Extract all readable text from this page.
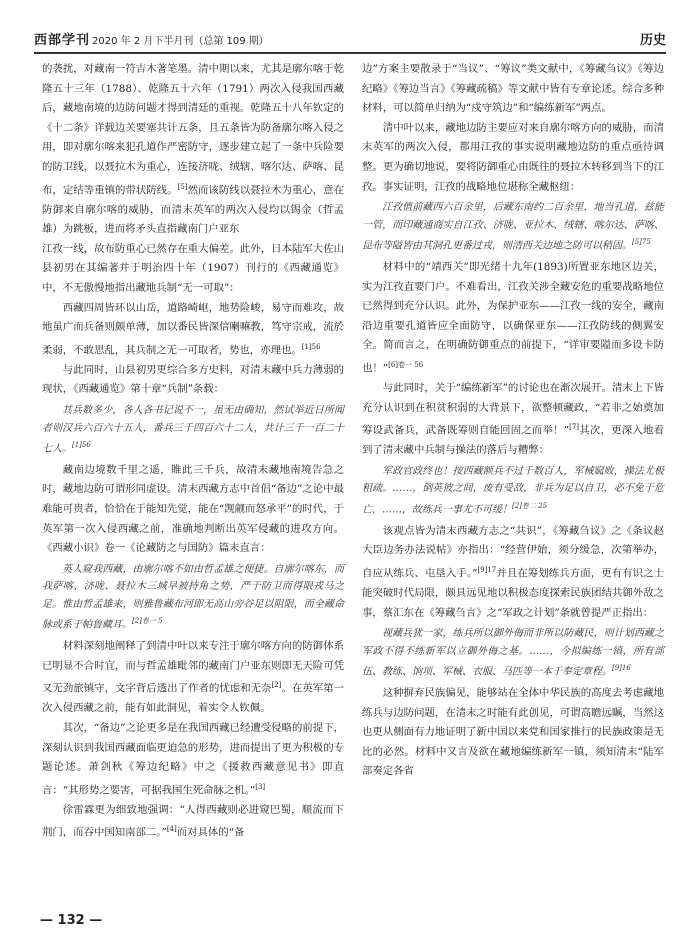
西部学刊 2020 年 2 月下半月刊（总第 109 期）	历史

的袭扰，对藏南一符吉木著笔墨。清中期以来，尤其是廓尔喀于乾隆五十三年（1788）、乾隆五十六年（1791）两次入侵我国西藏后，藏地南境的边防问题才得到清廷的重视。乾隆五十八年钦定的《十二条》详载边关要塞共计五条，且五条皆为防备廓尔喀入侵之用，即对廓尔喀来犯孔道作严密防守，逐步建立起了一条中兵险要的防卫线，以聂拉木为重心，连接济咙、绒辖、喀尔达、萨喀、昆布，定结等重镇的带状防线。[5]然而该防线以聂拉木为重心，意在防御来自廓尔喀的威胁，而清末英军的两次入侵均以锡金（哲孟雄）为跳板，进而将矛头直指藏南门户亚东

江孜一线，故布防重心已然存在重大偏差。此外，日本陆军大佐山县初男在其编著并于明治四十年（1907）刊行的《西藏通览》中，不无傲慢地指出藏地兵制“无一可取”：

西藏四周皆环以山岳，道路崎岖，地势险峻，易守而难攻，故地虽广而兵备则颇单薄，加以番民皆深信喇嘛教，笃守宗戒，流於柔弱，不敢思乱，其兵制之无一可取者，势也，亦理也。$^{[1]56}$

与此同时，山县初男更综合多方史料，对清末藏中兵力薄弱的现状，《西藏通览》第十章“兵制”条载：

其兵数多少，各人各书记说不一，虽无由确知，然试举近日所闻者则汉兵六百六十五人，番兵三千四百六十二人，共计三千一百二十七人。$^{[1]56}$

藏南边境数千里之遥，睢此三千兵，故清末藏地南境告急之时，藏地边防可谓形同虚设。清末西藏方志中首倡“备边”之论中最难能可贵者，恰恰在于能知先觉，能在“觊觎而怒承平”的时代，于英军第一次入侵西藏之前，准确地判断出英军侵藏的进攻方向。《西藏小识》卷一《论藏防之与国防》篇末直言：

英人窥我西藏，由廓尔喀不如由哲孟雄之便捷。自廓尔喀东，而我萨喀、济咙、聂拉木三城早被持角之势，严于防卫而得限戎马之足。惟由哲孟雄来，则雅鲁藏布河即无高山旁谷足以阻限，而全藏命脉或系于帕鲁藏耳。$^{[2]卷一 5}$

材料深刻地阐释了到清中叶以来专注于廓尔喀方向的防御体系已明显不合时宜，而与哲孟雄毗邻的藏南门户亚东则即无天险可凭又无劲旅镇守，文字背后透出了作者的忧虑和无奈[2]。在英军第一次入侵西藏之前，能有如此洞见，着实令人钦佩。

其次，“备边”之论更多是在我国西藏已经遭受侵略的前提下，深刻认识到我国西藏面临更迫急的形势，进而提出了更为积极的专题论述。萧剑秋《筹边纪略》中之《援救西藏意见书》即直言：“其形势之要害，可据我国生死命脉之机。”[3]

徐雷霖更为细致地强调：“人得西藏则必进窥巴蜀，顺流而下荆门，而吞中国知南部二。”[4]而对具体的“备

边”方案主要散录于“当议”、“筹议”类文献中，《筹藏刍议》《筹边纪略》《筹边当言》《筹藏疏稿》等文献中皆有专章论述。综合多种材料，可以简单归纳为“戍守筑边”和“编练新军”两点。

清中叶以来，藏地边防主要应对来自廓尔喀方向的威胁，而清末英军的两次入侵，都用江孜的事实说明藏地边防的重点亟待调整。更为确切地说，要将防御重心由既往的聂拉木转移到当下的江孜。事实证明，江孜的战略地位堪称全藏枢纽：

江孜值前藏西六百余里，后藏东南约二百余里，地当孔道，兹能一管，而印藏通商实自江孜、济咙、亚拉木、绒辖、喀尔达、萨喀、昆布等隘皆由其洞孔更番过戎，则清西关边地之防可以稍固。$^{[5]75}$

材料中的“靖西关”即光绪十九年(1893)所置亚东地区边关，实为江孜直要门户。不难看出，江孜关涉全藏安危的重要战略地位已然得到充分认识。此外，为保护亚东——江孜一线的安全，藏南沿边重要孔道皆应全面防守，以确保亚东——江孜防线的侧翼安全。简而言之，在明确防御重点的前提下，“详审要隘而多设卡防也！”$^{[6]卷一 56}$

与此同时，关于“编练新军”的讨论也在渐次展开。清末上下皆充分认识到在积贫积弱的大背景下，欲整顿藏政，“若非之始奠加筹设武备兵，武备既筹则自能回固之而举！”[7]其次，更深入地看到了清末藏中兵制与操法的落后与糟弊：

军政官政终也！按西藏额兵不过千数百人，军械窳败，操法尤极粗疏。……，倒英彼之间，废有受敌，非兵为足以自卫，必不免于危亡，……，故练兵一事尤不可缓！$^{[2]卷二 25}$

该观点皆为清末西藏方志之“共识”，《筹藏刍议》之《条议赵大臣边务办法说帖》亦指出：“经营伊始，须分缓急，次第举办，自应从练兵、屯垦入手。”$^{[9]17}$并且在筹划练兵方面，更有有识之士能突破时代局限，颇具远见地以积极态度探索民族团结共御外敌之事，蔡汇东在《筹藏刍言》之“军政之计划”条就曾提严正指出：

视藏兵犹一家，练兵所以御外侮而非所以防藏民，则计划西藏之军政不得不练新军以立御外侮之基。……，今拟编练一镇，所有部伍、教练、饷项、军械、衣服、马匹等一本于奉定章程。$^{[9]16}$

这种摒弃民族偏见，能够站在全体中华民族的高度去考虑藏地练兵与边防问题，在清末之时能有此创见，可谓高瞻远瞩，当然这也更从侧面有力地证明了新中国以来党和国家推行的民族政策是无比的必然。材料中又言及欲在藏地编练新军一镇，须知清末“陆军部奏定各省

— 132 —
